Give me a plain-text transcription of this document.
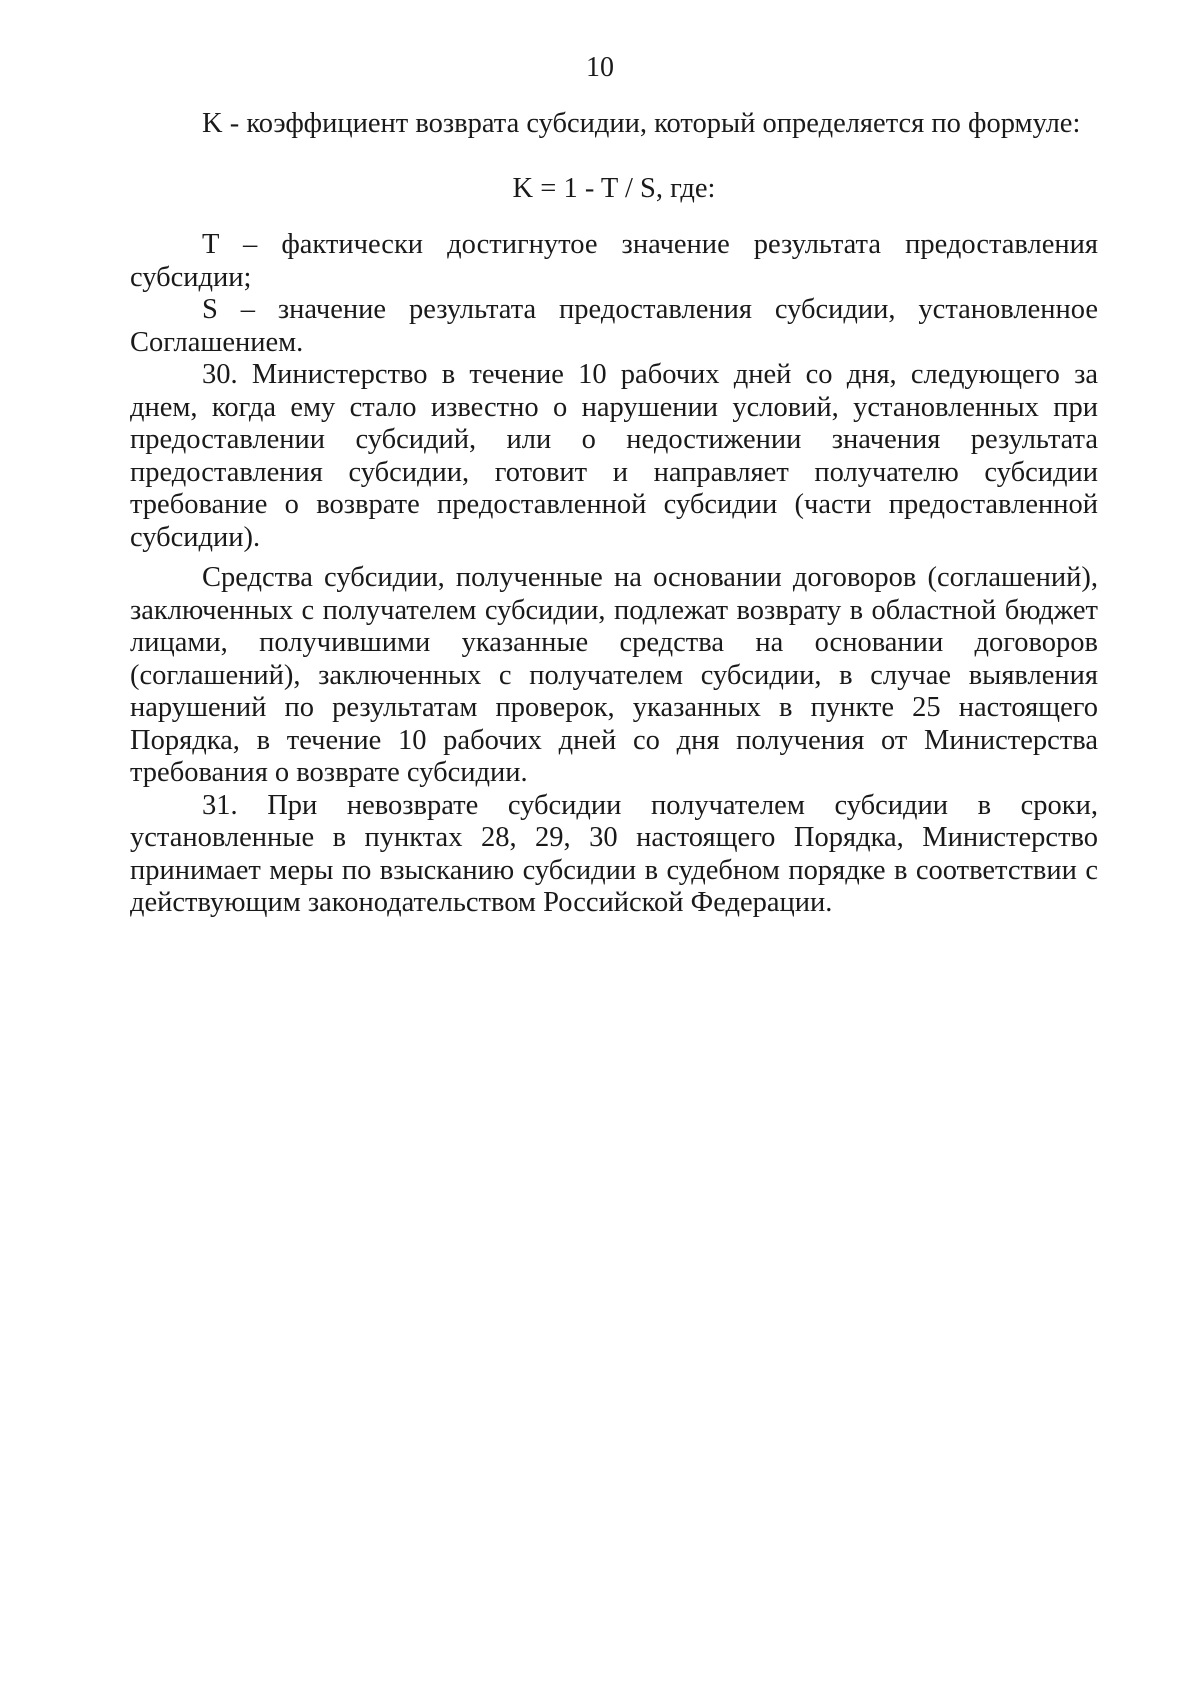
10

K - коэффициент возврата субсидии, который определяется по формуле:

K = 1 - T / S, где:

T – фактически достигнутое значение результата предоставления субсидии;

S – значение результата предоставления субсидии, установленное Соглашением.

30. Министерство в течение 10 рабочих дней со дня, следующего за днем, когда ему стало известно о нарушении условий, установленных при предоставлении субсидий, или о недостижении значения результата предоставления субсидии, готовит и направляет получателю субсидии требование о возврате предоставленной субсидии (части предоставленной субсидии).

Средства субсидии, полученные на основании договоров (соглашений), заключенных с получателем субсидии, подлежат возврату в областной бюджет лицами, получившими указанные средства на основании договоров (соглашений), заключенных с получателем субсидии, в случае выявления нарушений по результатам проверок, указанных в пункте 25 настоящего Порядка, в течение 10 рабочих дней со дня получения от Министерства требования о возврате субсидии.

31. При невозврате субсидии получателем субсидии в сроки, установленные в пунктах 28, 29, 30 настоящего Порядка, Министерство принимает меры по взысканию субсидии в судебном порядке в соответствии с действующим законодательством Российской Федерации.
